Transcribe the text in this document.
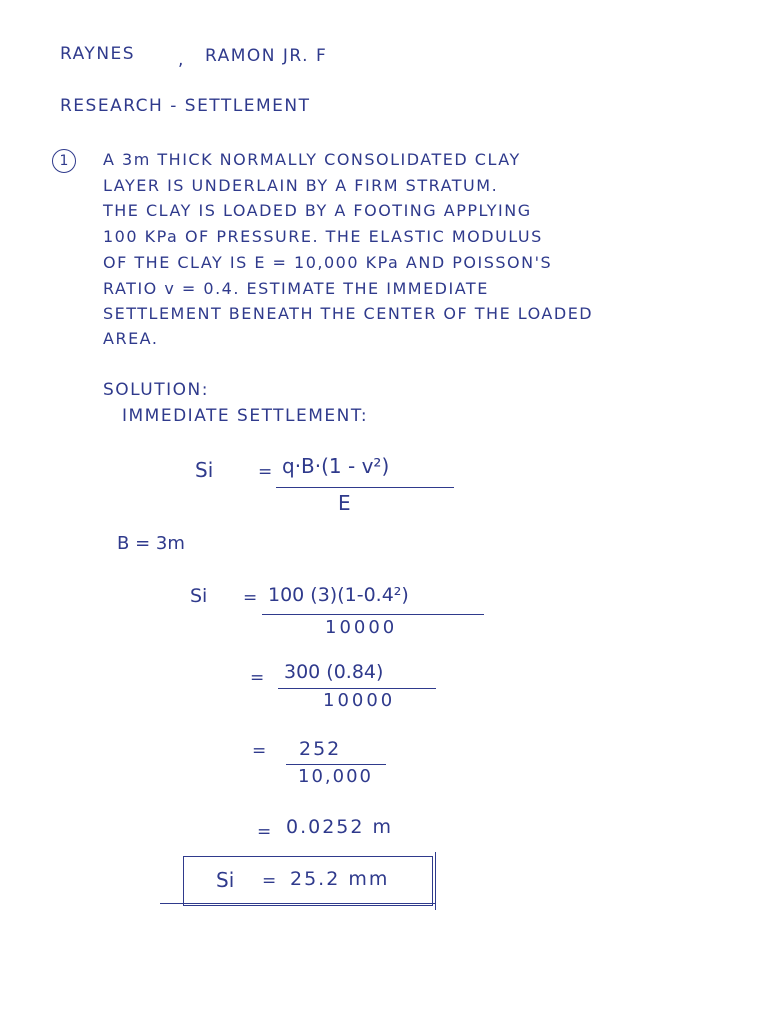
RAYNES	, RAMON JR. F
RESEARCH - SETTLEMENT
1	A 3m THICK NORMALLY CONSOLIDATED CLAY
LAYER IS UNDERLAIN BY A FIRM STRATUM.
THE CLAY IS LOADED BY A FOOTING APPLYING
100 KPa OF PRESSURE. THE ELASTIC MODULUS
OF THE CLAY IS E = 10,000 KPa AND POISSON'S
RATIO v = 0.4. ESTIMATE THE IMMEDIATE
SETTLEMENT BENEATH THE CENTER OF THE LOADED
AREA.
SOLUTION:
IMMEDIATE SETTLEMENT:
Si	= q·B·(1 - v²)
E
B = 3m
Si = 100 (3)(1-0.4²)
10000
= 300 (0.84)
10000
= 252
10,000
= 0.0252 m
Si = 25.2 mm
